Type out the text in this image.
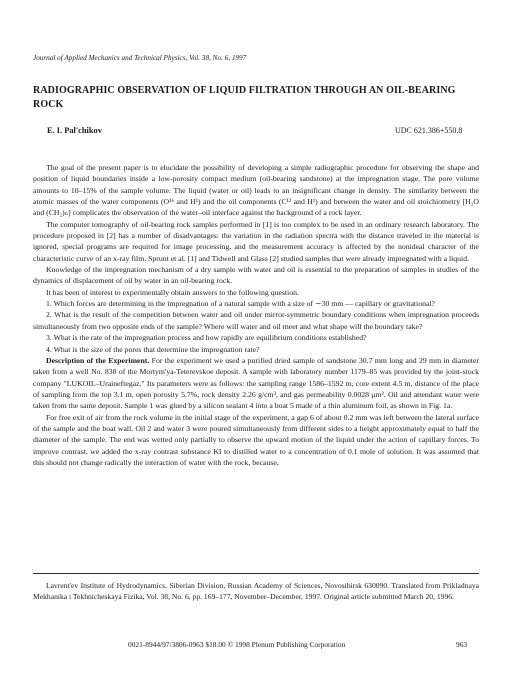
Journal of Applied Mechanics and Technical Physics, Vol. 38, No. 6, 1997
RADIOGRAPHIC OBSERVATION OF LIQUID FILTRATION THROUGH AN OIL-BEARING ROCK
E. I. Pal'chikov	UDC 621.386+550.8

The goal of the present paper is to elucidate the possibility of developing a simple radiographic procedure for observing the shape and position of liquid boundaries inside a low-porosity compact medium (oil-bearing sandstone) at the impregnation stage. The pore volume amounts to 10–15% of the sample volume. The liquid (water or oil) leads to an insignificant change in density. The similarity between the atomic masses of the water components (O¹⁶ and H¹) and the oil components (C¹² and H¹) and between the water and oil stoichiometry [H₂O and (CH₂)ₙ] complicates the observation of the water–oil interface against the background of a rock layer.

The computer tomography of oil-bearing rock samples performed in [1] is too complex to be used in an ordinary research laboratory. The procedure proposed in [2] has a number of disadvantages: the variation in the radiation spectra with the distance traveled in the material is ignored, special programs are required for image processing, and the measurement accuracy is affected by the nonideal character of the characteristic curve of an x-ray film. Sprunt et al. [1] and Tidwell and Glass [2] studied samples that were already impregnated with a liquid.

Knowledge of the impregnation mechanism of a dry sample with water and oil is essential to the preparation of samples in studies of the dynamics of displacement of oil by water in an oil-bearing rock.

It has been of interest to experimentally obtain answers to the following question.

1. Which forces are determining in the impregnation of a natural sample with a size of ∼30 mm — capillary or gravitational?

2. What is the result of the competition between water and oil under mirror-symmetric boundary conditions when impregnation proceeds simultaneously from two opposite ends of the sample? Where will water and oil meet and what shape will the boundary take?

3. What is the rate of the impregnation process and how rapidly are equilibrium conditions established?

4. What is the size of the pores that determine the impregnation rate?

Description of the Experiment. For the experiment we used a purified dried sample of sandstone 30.7 mm long and 29 mm in diameter taken from a well No. 838 of the Mortym'ya-Teterevskoe deposit. A sample with laboratory number 1179–85 was provided by the joint-stock company "LUKOIL–Uraineftegaz." Its parameters were as follows: the sampling range 1586–1592 m, core extent 4.5 m, distance of the place of sampling from the top 3.1 m, open porosity 5.7%, rock density 2.26 g/cm³, and gas permeability 0.0028 μm². Oil and attendant water were taken from the same deposit. Sample 1 was glued by a silicon sealant 4 into a boat 5 made of a thin aluminum foil, as shown in Fig. 1a.

For free exit of air from the rock volume in the initial stage of the experiment, a gap 6 of about 0.2 mm was left between the lateral surface of the sample and the boat wall. Oil 2 and water 3 were poured simultaneously from different sides to a height approximately equal to half the diameter of the sample. The end was wetted only partially to observe the upward motion of the liquid under the action of capillary forces. To improve contrast, we added the x-ray contrast substance KI to distilled water to a concentration of 0.1 mole of solution. It was assumed that this should not change radically the interaction of water with the rock, because,

Lavrent'ev Institute of Hydrodynamics, Siberian Division, Russian Academy of Sciences, Novosibirsk 630090. Translated from Prikladnaya Mekhanika i Tekhnicheskaya Fizika, Vol. 38, No. 6, pp. 169–177, November–December, 1997. Original article submitted March 20, 1996.

0021-8944/97/3806-0963 $18.00 © 1998 Plenum Publishing Corporation	963
